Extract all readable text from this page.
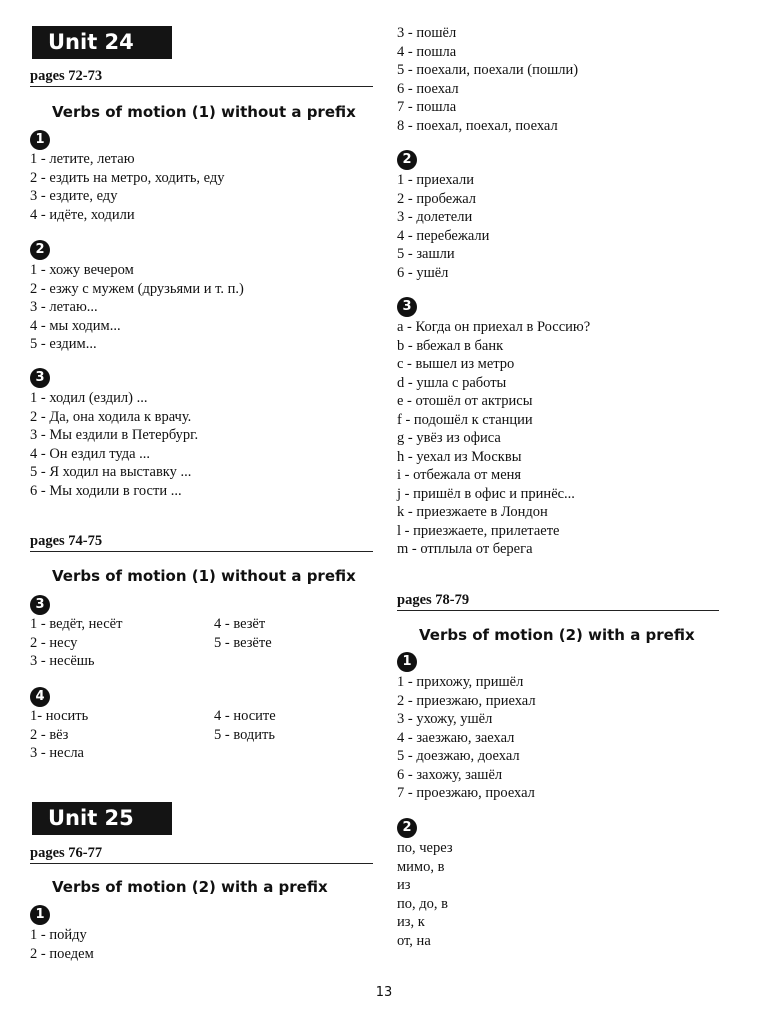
Unit 24
pages 72-73
Verbs of motion (1) without a prefix
1
1 - летите, летаю
2 - ездить на метро, ходить, еду
3 - ездите, еду
4 - идёте, ходили
2
1 - хожу вечером
2 - езжу с мужем (друзьями и т. п.)
3 - летаю...
4 - мы ходим...
5 - ездим...
3
1 - ходил (ездил) ...
2 - Да, она ходила к врачу.
3 - Мы ездили в Петербург.
4 - Он ездил туда ...
5 - Я ходил на выставку ...
6 - Мы ходили в гости ...
pages 74-75
Verbs of motion (1) without a prefix
3
1 - ведёт, несёт
2 - несу
3 - несёшь
4 - везёт
5 - везёте
4
1- носить
2 - вёз
3 - несла
4 - носите
5 - водить
Unit 25
pages 76-77
Verbs of motion (2) with a prefix
1
1 - пойду
2 - поедем
3 - пошёл
4 - пошла
5 - поехали, поехали (пошли)
6 - поехал
7 - пошла
8 - поехал, поехал, поехал
2
1 - приехали
2 - пробежал
3 - долетели
4 - перебежали
5 - зашли
6 - ушёл
3
a - Когда он приехал в Россию?
b - вбежал в банк
c - вышел из метро
d - ушла с работы
e - отошёл от актрисы
f - подошёл к станции
g - увёз из офиса
h - уехал из Москвы
i - отбежала от меня
j - пришёл в офис и принёс...
k - приезжаете в Лондон
l - приезжаете, прилетаете
m - отплыла от берега
pages 78-79
Verbs of motion (2) with a prefix
1
1 - прихожу, пришёл
2 - приезжаю, приехал
3 - ухожу, ушёл
4 - заезжаю, заехал
5 - доезжаю, доехал
6 - захожу, зашёл
7 - проезжаю, проехал
2
по, через
мимо, в
из
по, до, в
из, к
от, на
13
